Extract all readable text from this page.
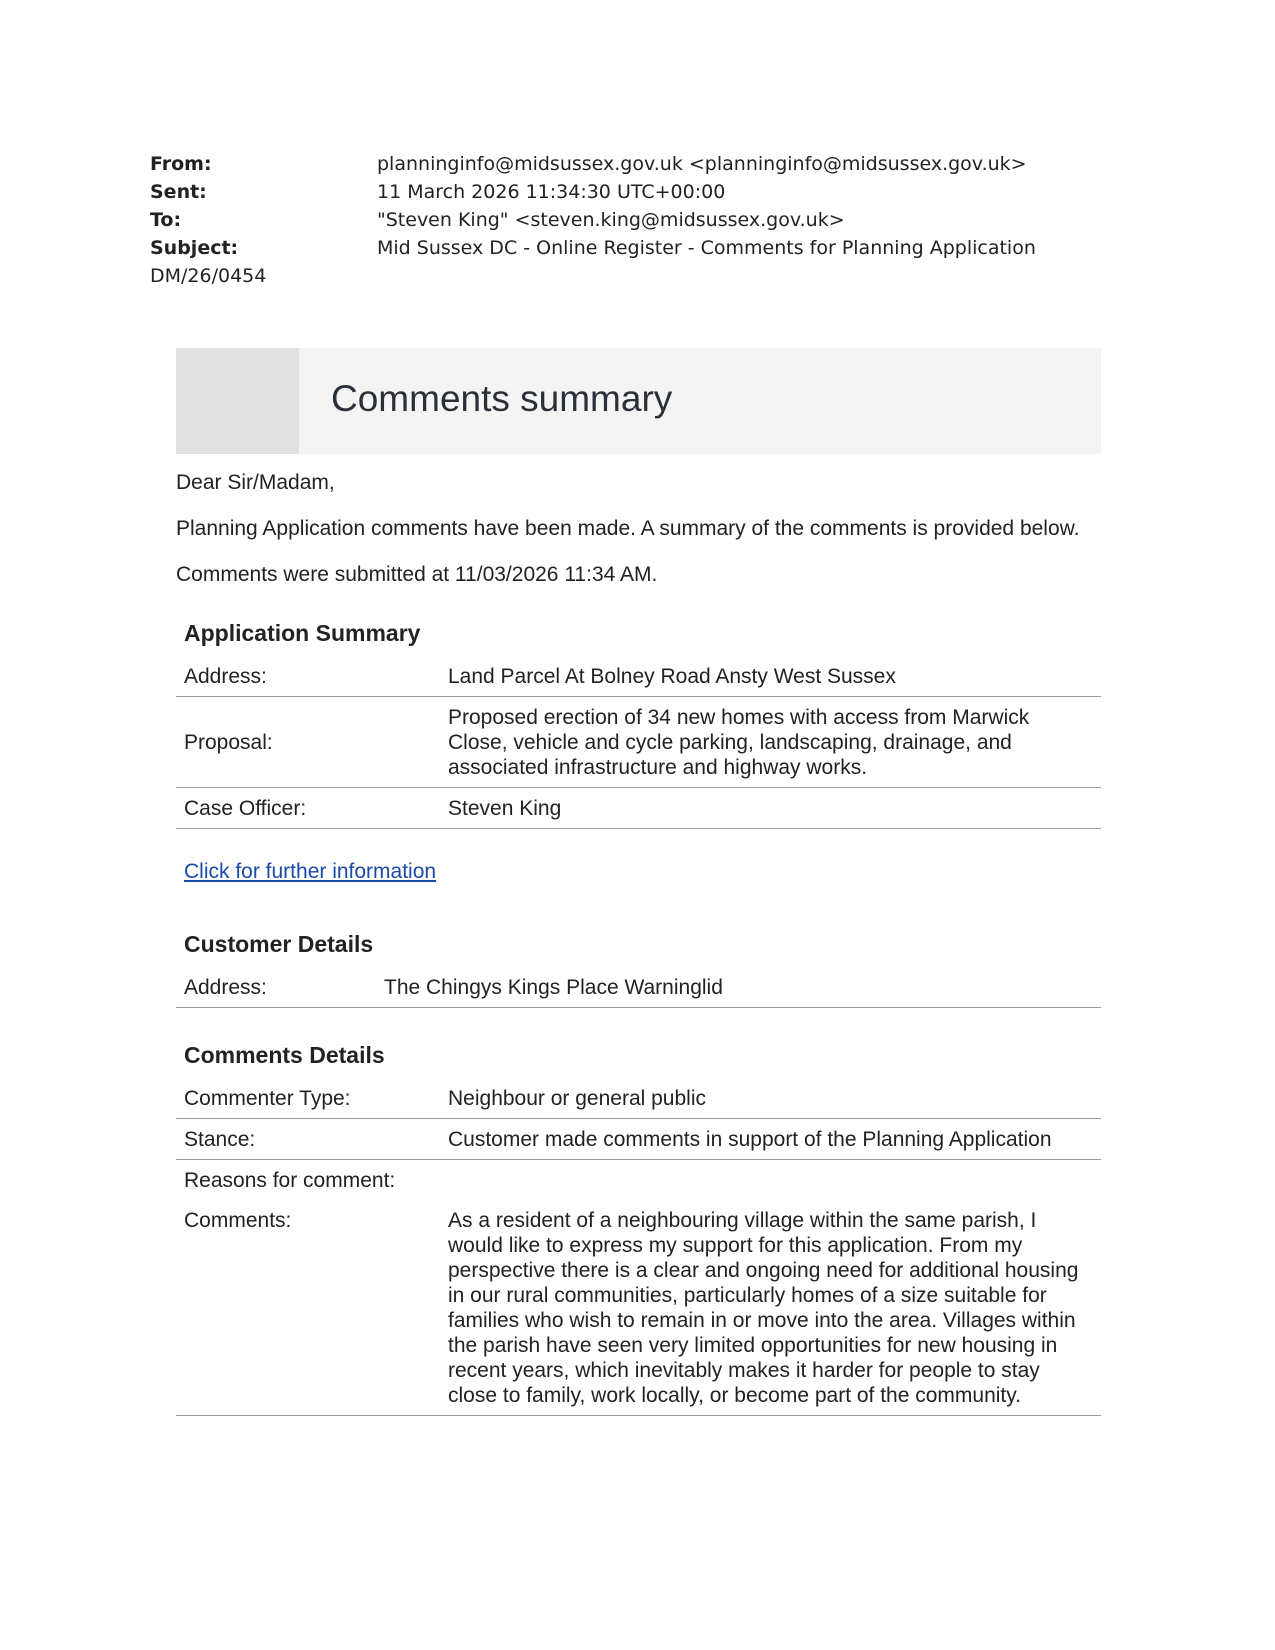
From:	planninginfo@midsussex.gov.uk <planninginfo@midsussex.gov.uk>
Sent:	11 March 2026 11:34:30 UTC+00:00
To:	"Steven King" <steven.king@midsussex.gov.uk>
Subject:	Mid Sussex DC - Online Register - Comments for Planning Application
DM/26/0454
Comments summary

Dear Sir/Madam,

Planning Application comments have been made. A summary of the comments is provided below.

Comments were submitted at 11/03/2026 11:34 AM.

Application Summary
Address:	Land Parcel At Bolney Road Ansty West Sussex
Proposal:	Proposed erection of 34 new homes with access from Marwick Close, vehicle and cycle parking, landscaping, drainage, and associated infrastructure and highway works.
Case Officer:	Steven King
Click for further information
Customer Details
Address:	The Chingys Kings Place Warninglid
Comments Details
Commenter Type:	Neighbour or general public
Stance:	Customer made comments in support of the Planning Application
Reasons for comment:	
Comments:	As a resident of a neighbouring village within the same parish, I would like to express my support for this application. From my perspective there is a clear and ongoing need for additional housing in our rural communities, particularly homes of a size suitable for families who wish to remain in or move into the area. Villages within the parish have seen very limited opportunities for new housing in recent years, which inevitably makes it harder for people to stay close to family, work locally, or become part of the community.
